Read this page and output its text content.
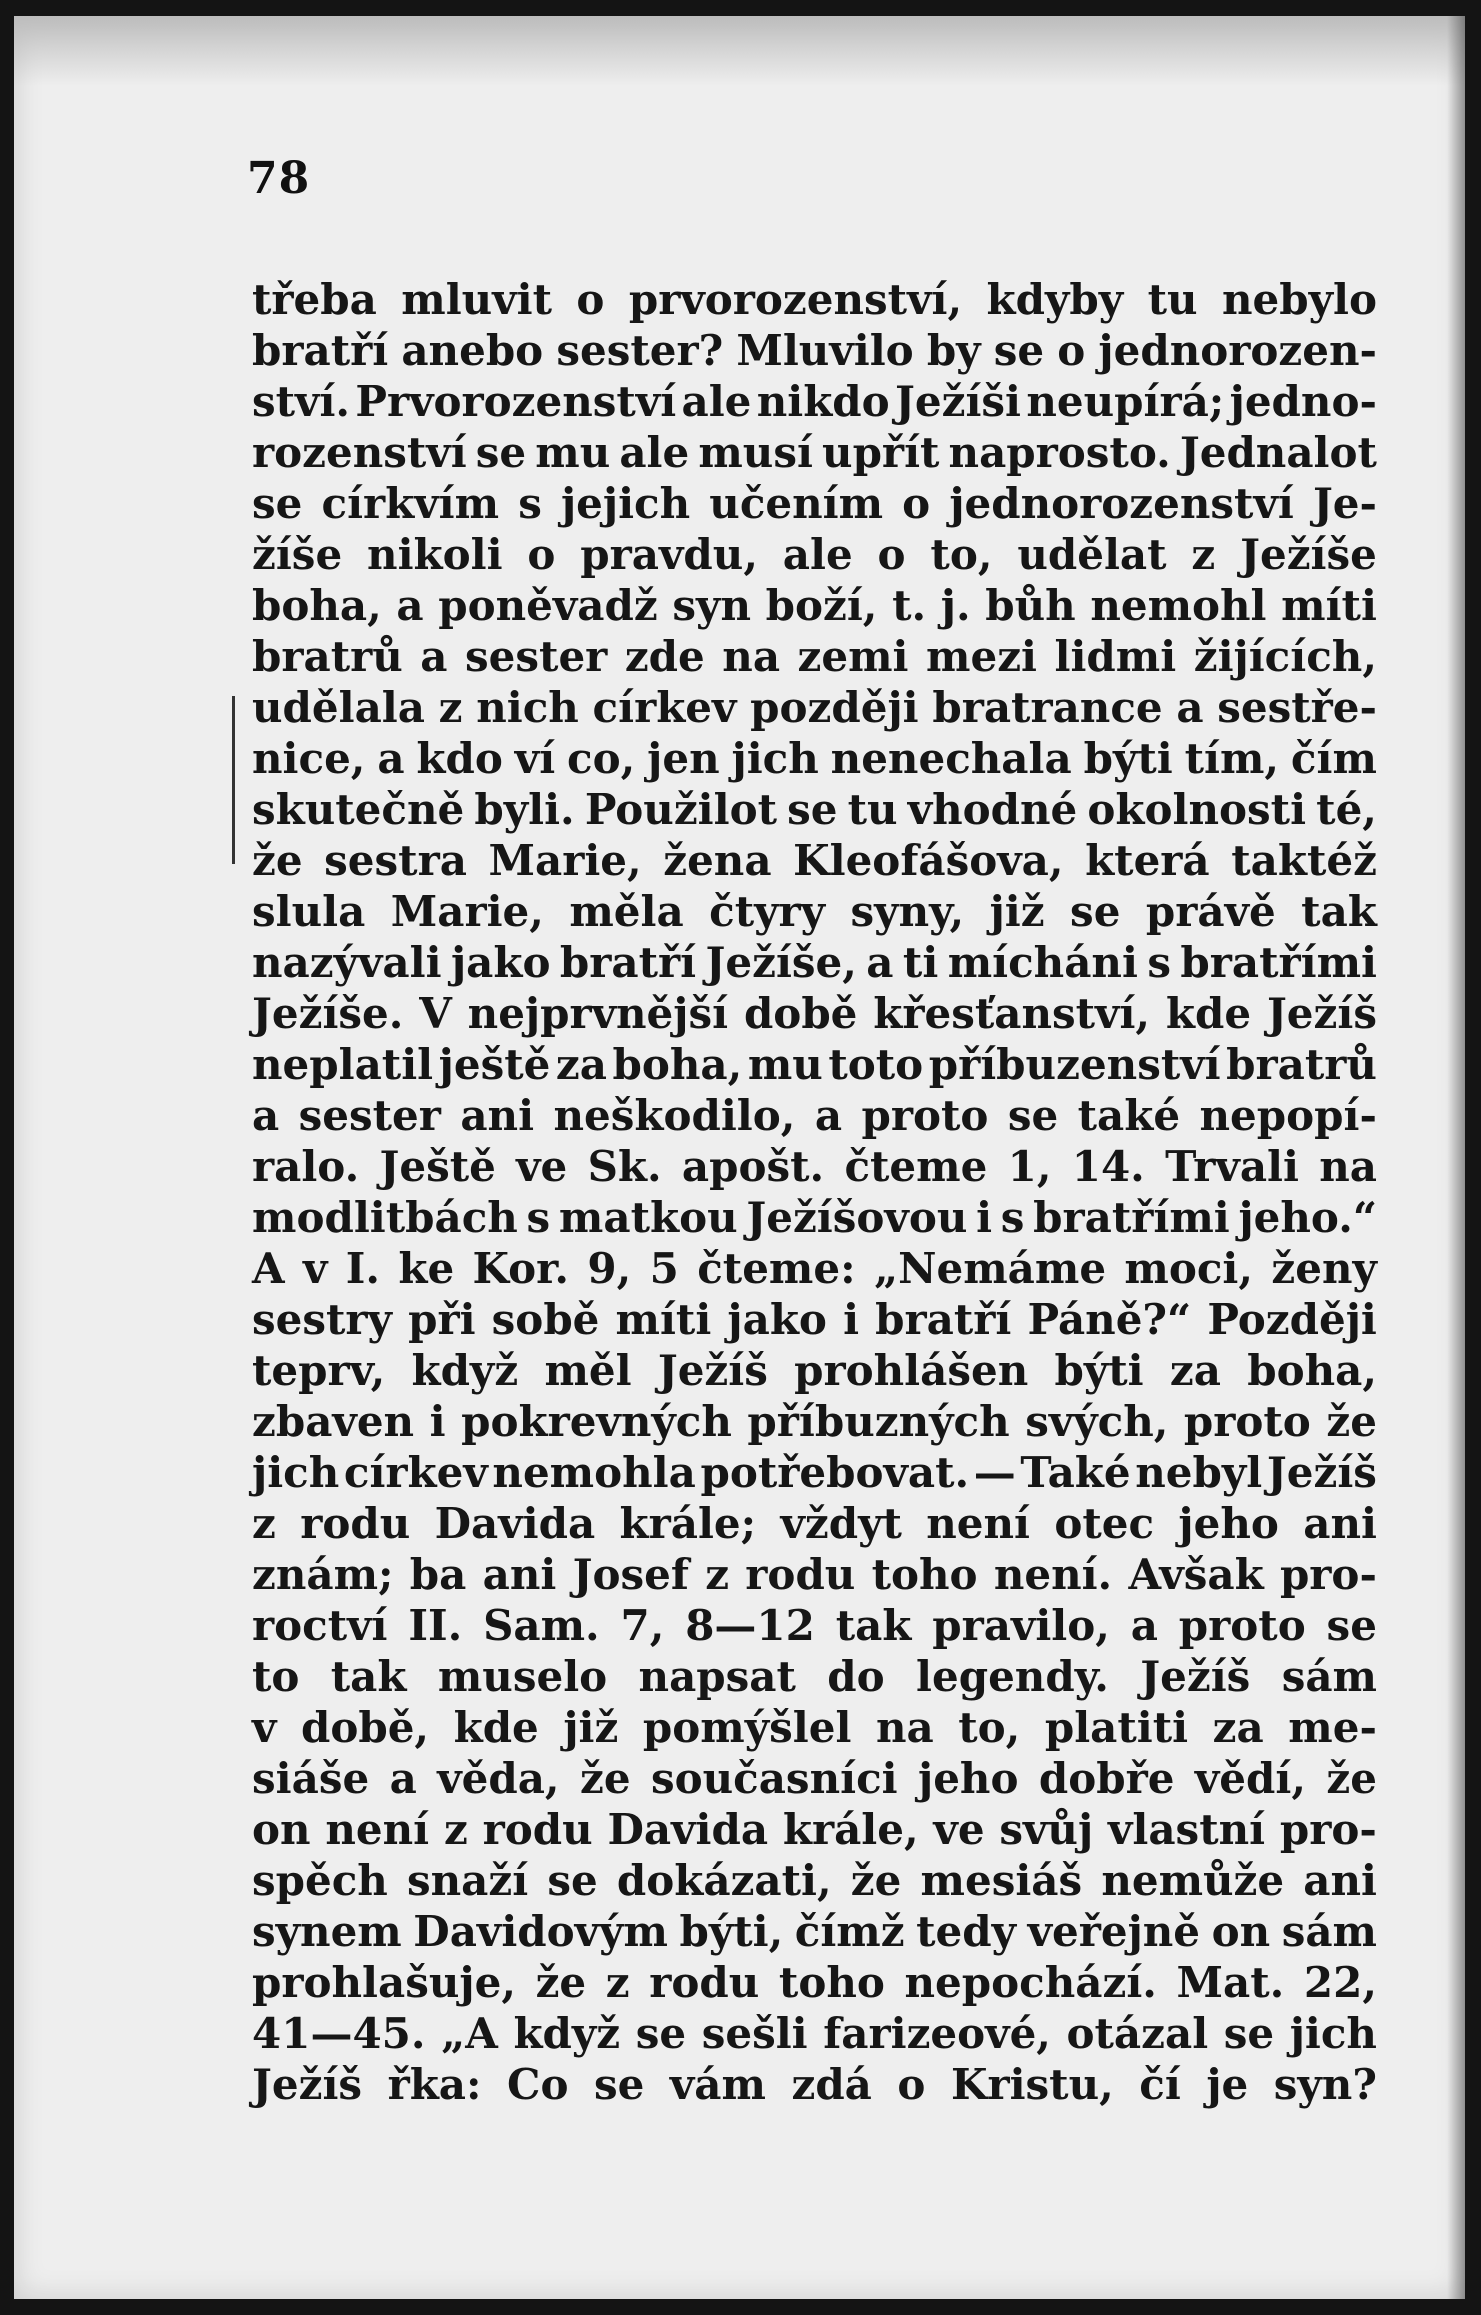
78
třeba mluvit o prvorozenství, kdyby tu nebylo
bratří anebo sester? Mluvilo by se o jednorozen-
ství. Prvorozenství ale nikdo Ježíši neupírá; jedno-
rozenství se mu ale musí upřít naprosto. Jednalot
se církvím s jejich učením o jednorozenství Je-
žíše nikoli o pravdu, ale o to, udělat z Ježíše
boha, a poněvadž syn boží, t. j. bůh nemohl míti
bratrů a sester zde na zemi mezi lidmi žijících,
udělala z nich církev později bratrance a sestře-
nice, a kdo ví co, jen jich nenechala býti tím, čím
skutečně byli. Použilot se tu vhodné okolnosti té,
že sestra Marie, žena Kleofášova, která taktéž
slula Marie, měla čtyry syny, již se právě tak
nazývali jako bratří Ježíše, a ti mícháni s bratřími
Ježíše. V nejprvnější době křesťanství, kde Ježíš
neplatil ještě za boha, mu toto příbuzenství bratrů
a sester ani neškodilo, a proto se také nepopí-
ralo. Ještě ve Sk. apošt. čteme 1, 14. Trvali na
modlitbách s matkou Ježíšovou i s bratřími jeho.“
A v I. ke Kor. 9, 5 čteme: „Nemáme moci, ženy
sestry při sobě míti jako i bratří Páně?“ Později
teprv, když měl Ježíš prohlášen býti za boha,
zbaven i pokrevných příbuzných svých, proto že
jich církev nemohla potřebovat. — Také nebyl Ježíš
z rodu Davida krále; vždyt není otec jeho ani
znám; ba ani Josef z rodu toho není. Avšak pro-
roctví II. Sam. 7, 8—12 tak pravilo, a proto se
to tak muselo napsat do legendy. Ježíš sám
v době, kde již pomýšlel na to, platiti za me-
siáše a věda, že současníci jeho dobře vědí, že
on není z rodu Davida krále, ve svůj vlastní pro-
spěch snaží se dokázati, že mesiáš nemůže ani
synem Davidovým býti, čímž tedy veřejně on sám
prohlašuje, že z rodu toho nepochází. Mat. 22,
41—45. „A když se sešli farizeové, otázal se jich
Ježíš řka: Co se vám zdá o Kristu, čí je syn?
